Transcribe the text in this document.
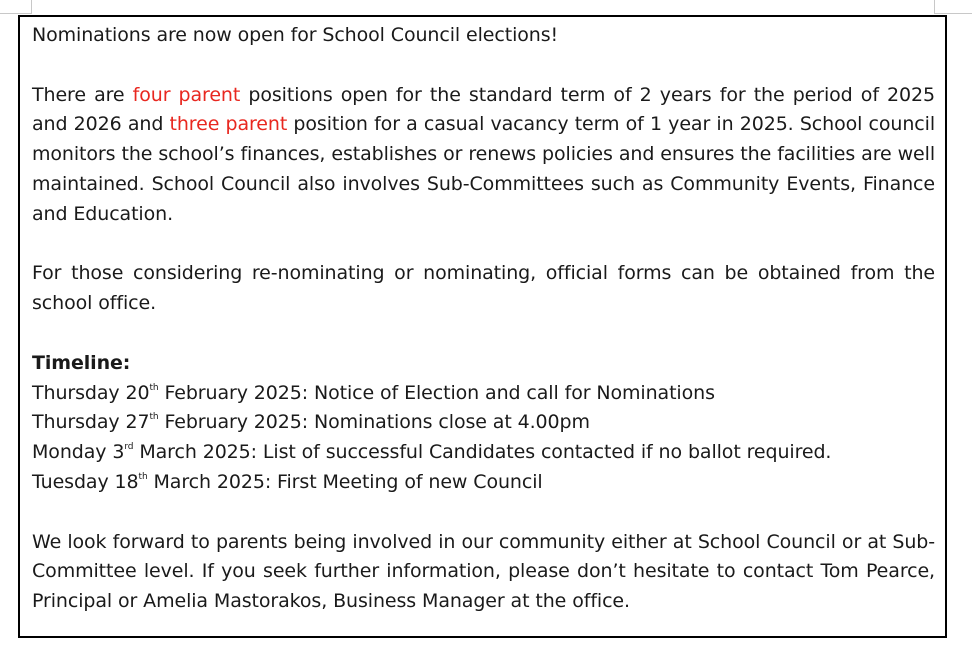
Nominations are now open for School Council elections!

There are four parent positions open for the standard term of 2 years for the period of 2025 and 2026 and three parent position for a casual vacancy term of 1 year in 2025. School council monitors the school’s finances, establishes or renews policies and ensures the facilities are well maintained. School Council also involves Sub-Committees such as Community Events, Finance and Education.

For those considering re-nominating or nominating, official forms can be obtained from the school office.

Timeline:

Thursday 20th February 2025: Notice of Election and call for Nominations

Thursday 27th February 2025: Nominations close at 4.00pm

Monday 3rd March 2025: List of successful Candidates contacted if no ballot required.

Tuesday 18th March 2025: First Meeting of new Council

We look forward to parents being involved in our community either at School Council or at Sub-Committee level. If you seek further information, please don’t hesitate to contact Tom Pearce, Principal or Amelia Mastorakos, Business Manager at the office.
